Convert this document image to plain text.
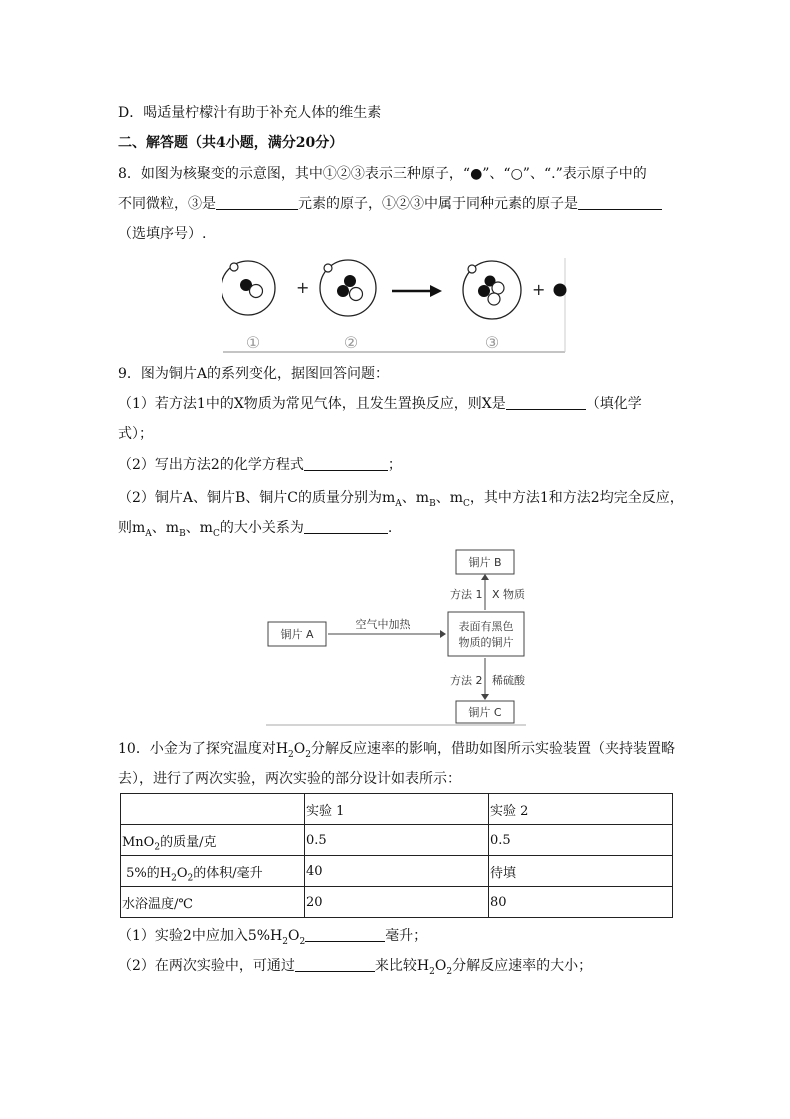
D．喝适量柠檬汁有助于补充人体的维生素
二、解答题（共4小题，满分20分）
8．如图为核聚变的示意图，其中①②③表示三种原子，“●”、“○”、“.”表示原子中的
不同微粒，③是	元素的原子，①②③中属于同种元素的原子是
（选填序号）.
+	+
①	②	③
9．图为铜片A的系列变化，据图回答问题：
（1）若方法1中的X物质为常见气体，且发生置换反应，则X是	（填化学
式）；
（2）写出方法2的化学方程式	；
（2）铜片A、铜片B、铜片C的质量分别为$m_A$、$m_B$、$m_C$，其中方法1和方法2均完全反应，
则$m_A$、$m_B$、$m_C$的大小关系为	.
铜片 B
方法 1 X 物质
铜片 A
空气中加热	表面有黑色
物质的铜片
方法 2 稀硫酸
铜片 C
10．小金为了探究温度对$H_2O_2$分解反应速率的影响，借助如图所示实验装置（夹持装置略
去），进行了两次实验，两次实验的部分设计如表所示：
	实验 1	实验 2
MnO$_2$的质量/克	0.5	0.5
5%的$H_2O_2$的体积/毫升	40	待填
水浴温度/℃	20	80
（1）实验2中应加入$5\%H_2O_2$	毫升；
（2）在两次实验中，可通过	来比较$H_2O_2$分解反应速率的大小；
